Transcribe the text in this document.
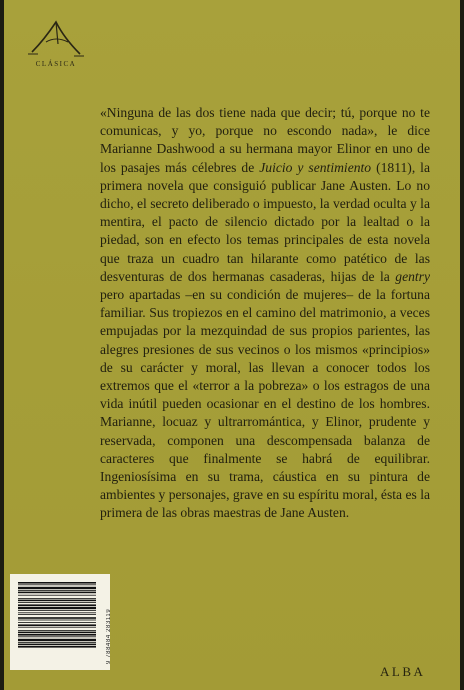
CLÁSICA

«Ninguna de las dos tiene nada que decir; tú, porque no te comunicas, y yo, porque no escondo nada», le dice Marianne Dashwood a su hermana mayor Elinor en uno de los pasajes más célebres de Juicio y sentimiento (1811), la primera novela que consiguió publicar Jane Austen. Lo no dicho, el secreto deliberado o impuesto, la verdad oculta y la mentira, el pacto de silencio dictado por la lealtad o la piedad, son en efecto los temas principales de esta novela que traza un cuadro tan hilarante como patético de las desventuras de dos hermanas casaderas, hijas de la gentry pero apartadas –en su condición de mujeres– de la fortuna familiar. Sus tropiezos en el camino del matrimonio, a veces empujadas por la mezquindad de sus propios parientes, las alegres presiones de sus vecinos o los mismos «principios» de su carácter y moral, las llevan a conocer todos los extremos que el «terror a la pobreza» o los estragos de una vida inútil pueden ocasionar en el destino de los hombres. Marianne, locuaz y ultrarromántica, y Elinor, prudente y reservada, componen una descompensada balanza de caracteres que finalmente se habrá de equilibrar. Ingeniosísima en su trama, cáustica en su pintura de ambientes y personajes, grave en su espíritu moral, ésta es la primera de las obras maestras de Jane Austen.

9 788484 283119
ALBA
